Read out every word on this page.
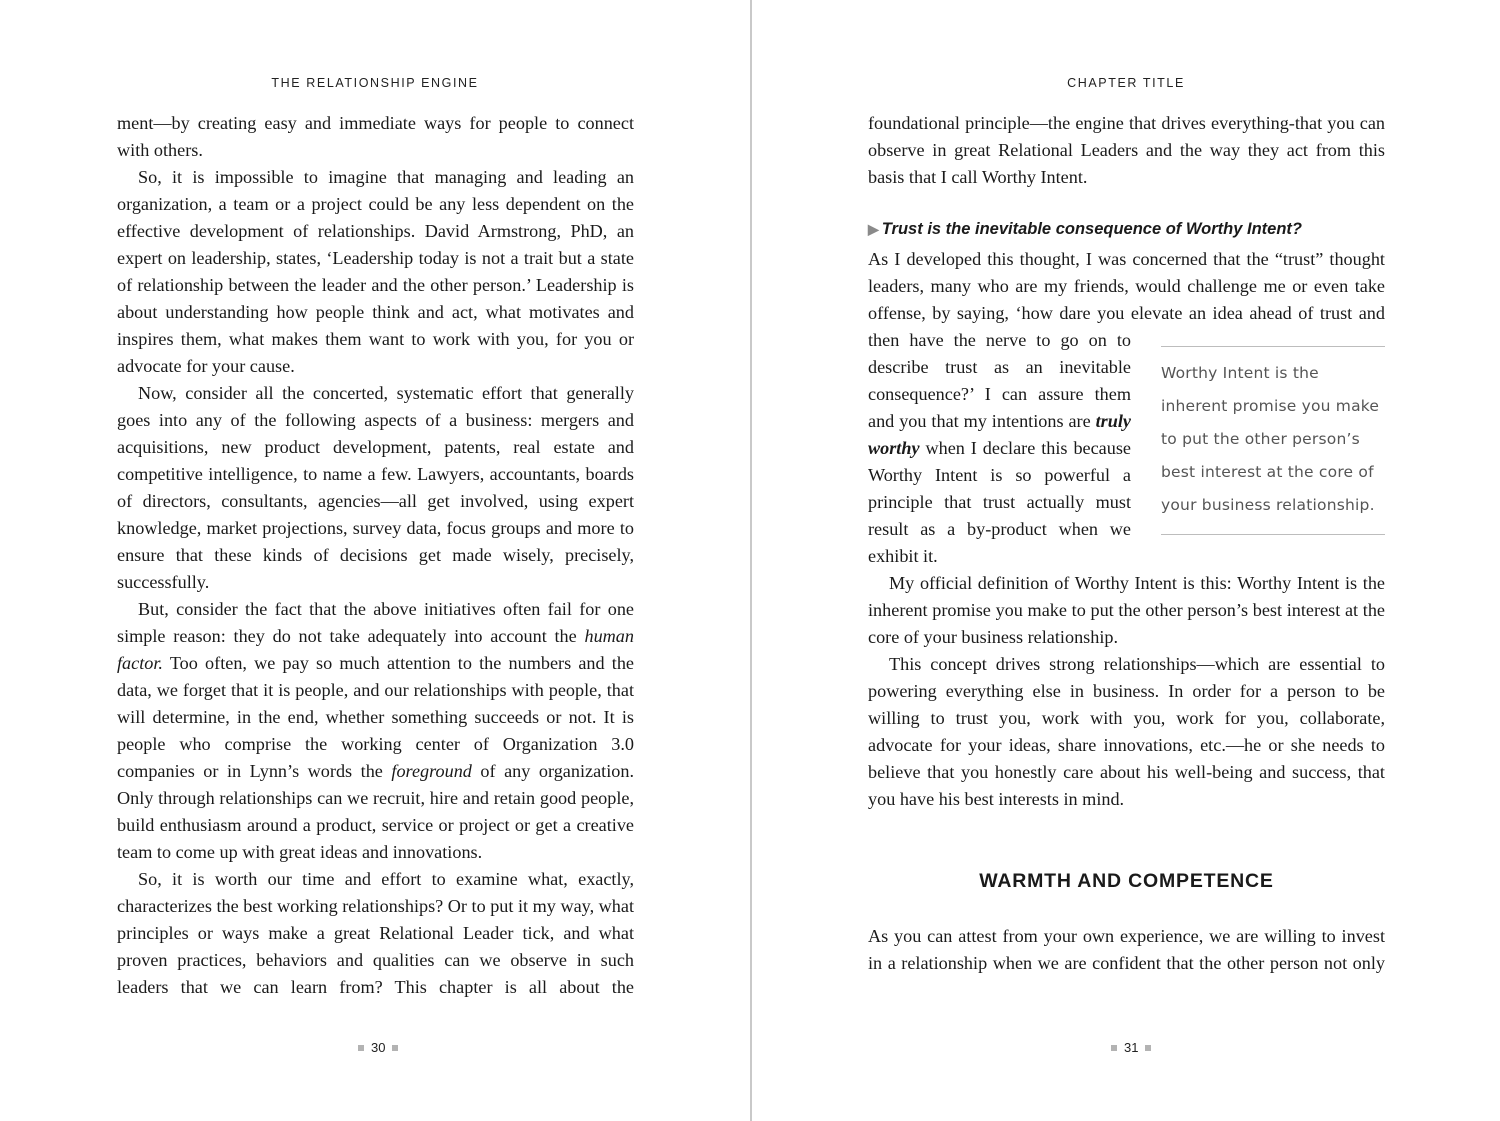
THE RELATIONSHIP ENGINE

ment—by creating easy and immediate ways for people to connect with others.

So, it is impossible to imagine that managing and leading an organization, a team or a project could be any less dependent on the effective development of relationships. David Armstrong, PhD, an expert on leadership, states, ‘Leadership today is not a trait but a state of relationship between the leader and the other person.’ Leadership is about understanding how people think and act, what motivates and inspires them, what makes them want to work with you, for you or advocate for your cause.

Now, consider all the concerted, systematic effort that generally goes into any of the following aspects of a business: mergers and acquisitions, new product development, patents, real estate and competitive intelligence, to name a few. Lawyers, accountants, boards of directors, consultants, agencies—all get involved, using expert knowledge, market projections, survey data, focus groups and more to ensure that these kinds of decisions get made wisely, precisely, successfully.

But, consider the fact that the above initiatives often fail for one simple reason: they do not take adequately into account the human factor. Too often, we pay so much attention to the numbers and the data, we forget that it is people, and our relationships with people, that will determine, in the end, whether something succeeds or not. It is people who comprise the working center of Organization 3.0 companies or in Lynn’s words the foreground of any organization. Only through relationships can we recruit, hire and retain good people, build enthusiasm around a product, service or project or get a creative team to come up with great ideas and innovations.

So, it is worth our time and effort to examine what, exactly, characterizes the best working relationships? Or to put it my way, what principles or ways make a great Relational Leader tick, and what proven practices, behaviors and qualities can we observe in such leaders that we can learn from? This chapter is all about the

30
CHAPTER TITLE

foundational principle—the engine that drives everything-that you can observe in great Relational Leaders and the way they act from this basis that I call Worthy Intent.

▶ Trust is the inevitable consequence of Worthy Intent?

As I developed this thought, I was concerned that the “trust” thought leaders, many who are my friends, would challenge me or even take offense, by saying, ‘how dare you elevate an idea ahead of
Worthy Intent is the inherent promise you make to put the other person’s best interest at the core of your business relationship.
trust and then have the nerve to go on to describe trust as an inevitable consequence?’ I can assure them and you that my intentions are truly worthy when I declare this because Worthy Intent is so powerful a principle that trust actually must result as a by-product when we exhibit it.

My official definition of Worthy Intent is this: Worthy Intent is the inherent promise you make to put the other person’s best interest at the core of your business relationship.

This concept drives strong relationships—which are essential to powering everything else in business. In order for a person to be willing to trust you, work with you, work for you, collaborate, advocate for your ideas, share innovations, etc.—he or she needs to believe that you honestly care about his well-being and success, that you have his best interests in mind.

WARMTH AND COMPETENCE

As you can attest from your own experience, we are willing to invest in a relationship when we are confident that the other person not only

31
